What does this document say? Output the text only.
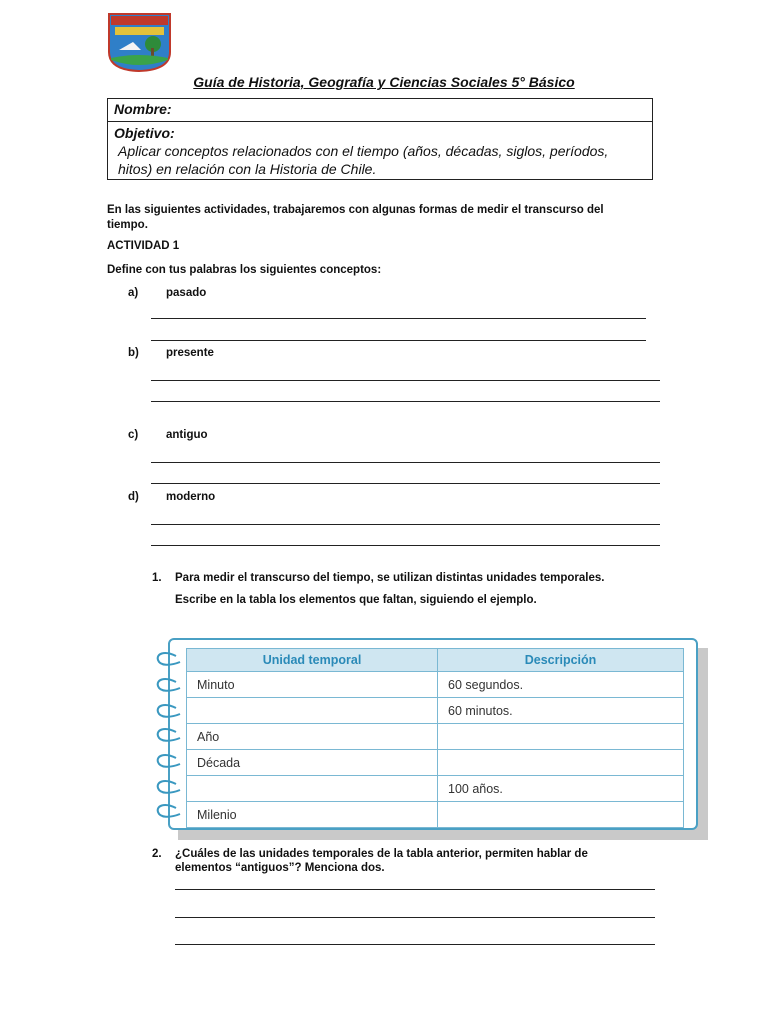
Guía de Historia, Geografía y Ciencias Sociales 5° Básico
Nombre:
Objetivo:
Aplicar conceptos relacionados con el tiempo (años, décadas, siglos, períodos, hitos) en relación con la Historia de Chile.
En las siguientes actividades, trabajaremos con algunas formas de medir el transcurso del tiempo.
ACTIVIDAD 1
Define con tus palabras los siguientes conceptos:
a) pasado
b) presente
c) antiguo
d) moderno
1. Para medir el transcurso del tiempo, se utilizan distintas unidades temporales.
Escribe en la tabla los elementos que faltan, siguiendo el ejemplo.
Unidad temporal	Descripción
Minuto	60 segundos.
	60 minutos.
Año	
Década	
	100 años.
Milenio	
2. ¿Cuáles de las unidades temporales de la tabla anterior, permiten hablar de
elementos “antiguos”? Menciona dos.
